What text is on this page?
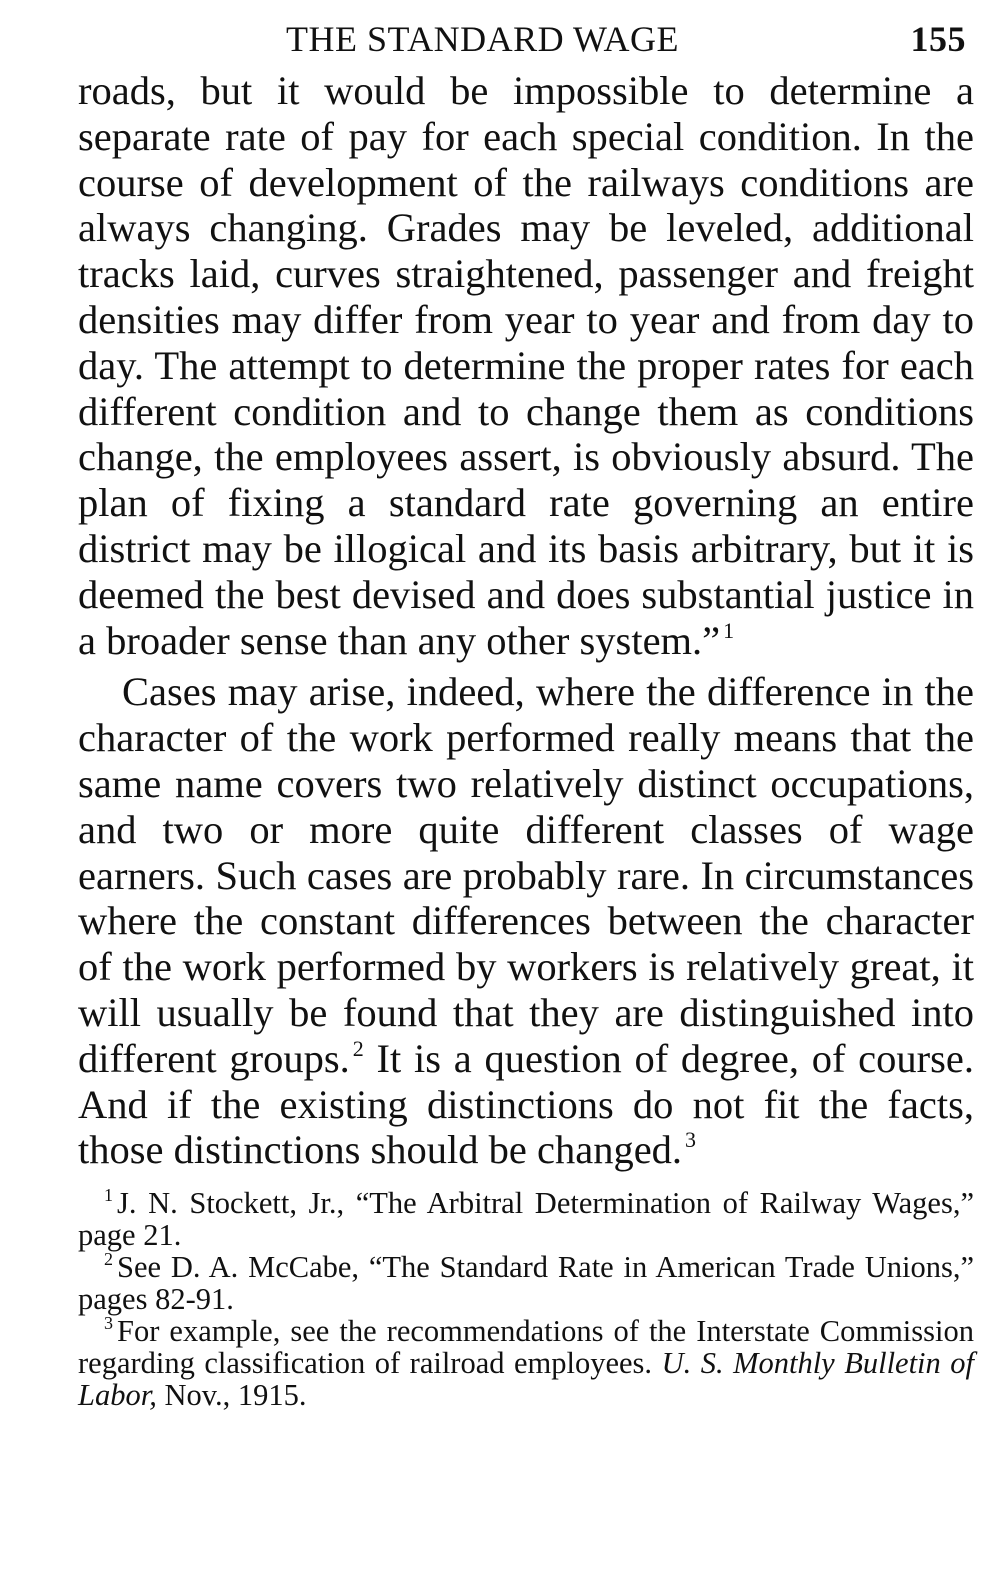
THE STANDARD WAGE	155

roads, but it would be impossible to determine a separate rate of pay for each special condition. In the course of development of the railways conditions are always changing. Grades may be leveled, additional tracks laid, curves straightened, passenger and freight densities may differ from year to year and from day to day. The attempt to determine the proper rates for each different condition and to change them as conditions change, the employees assert, is obviously absurd. The plan of fixing a standard rate governing an entire district may be illogical and its basis arbitrary, but it is deemed the best devised and does substantial justice in a broader sense than any other system.” $^1$

Cases may arise, indeed, where the difference in the character of the work performed really means that the same name covers two relatively distinct occupations, and two or more quite different classes of wage earners. Such cases are probably rare. In circumstances where the constant differences between the character of the work performed by workers is relatively great, it will usually be found that they are distinguished into different groups. $^2$ It is a question of degree, of course. And if the existing distinctions do not fit the facts, those distinctions should be changed. $^3$

$^1$ J. N. Stockett, Jr., “The Arbitral Determination of Railway Wages,” page 21.

$^2$ See D. A. McCabe, “The Standard Rate in American Trade Unions,” pages 82-91.

$^3$ For example, see the recommendations of the Interstate Commission regarding classification of railroad employees. U. S. Monthly Bulletin of Labor, Nov., 1915.
